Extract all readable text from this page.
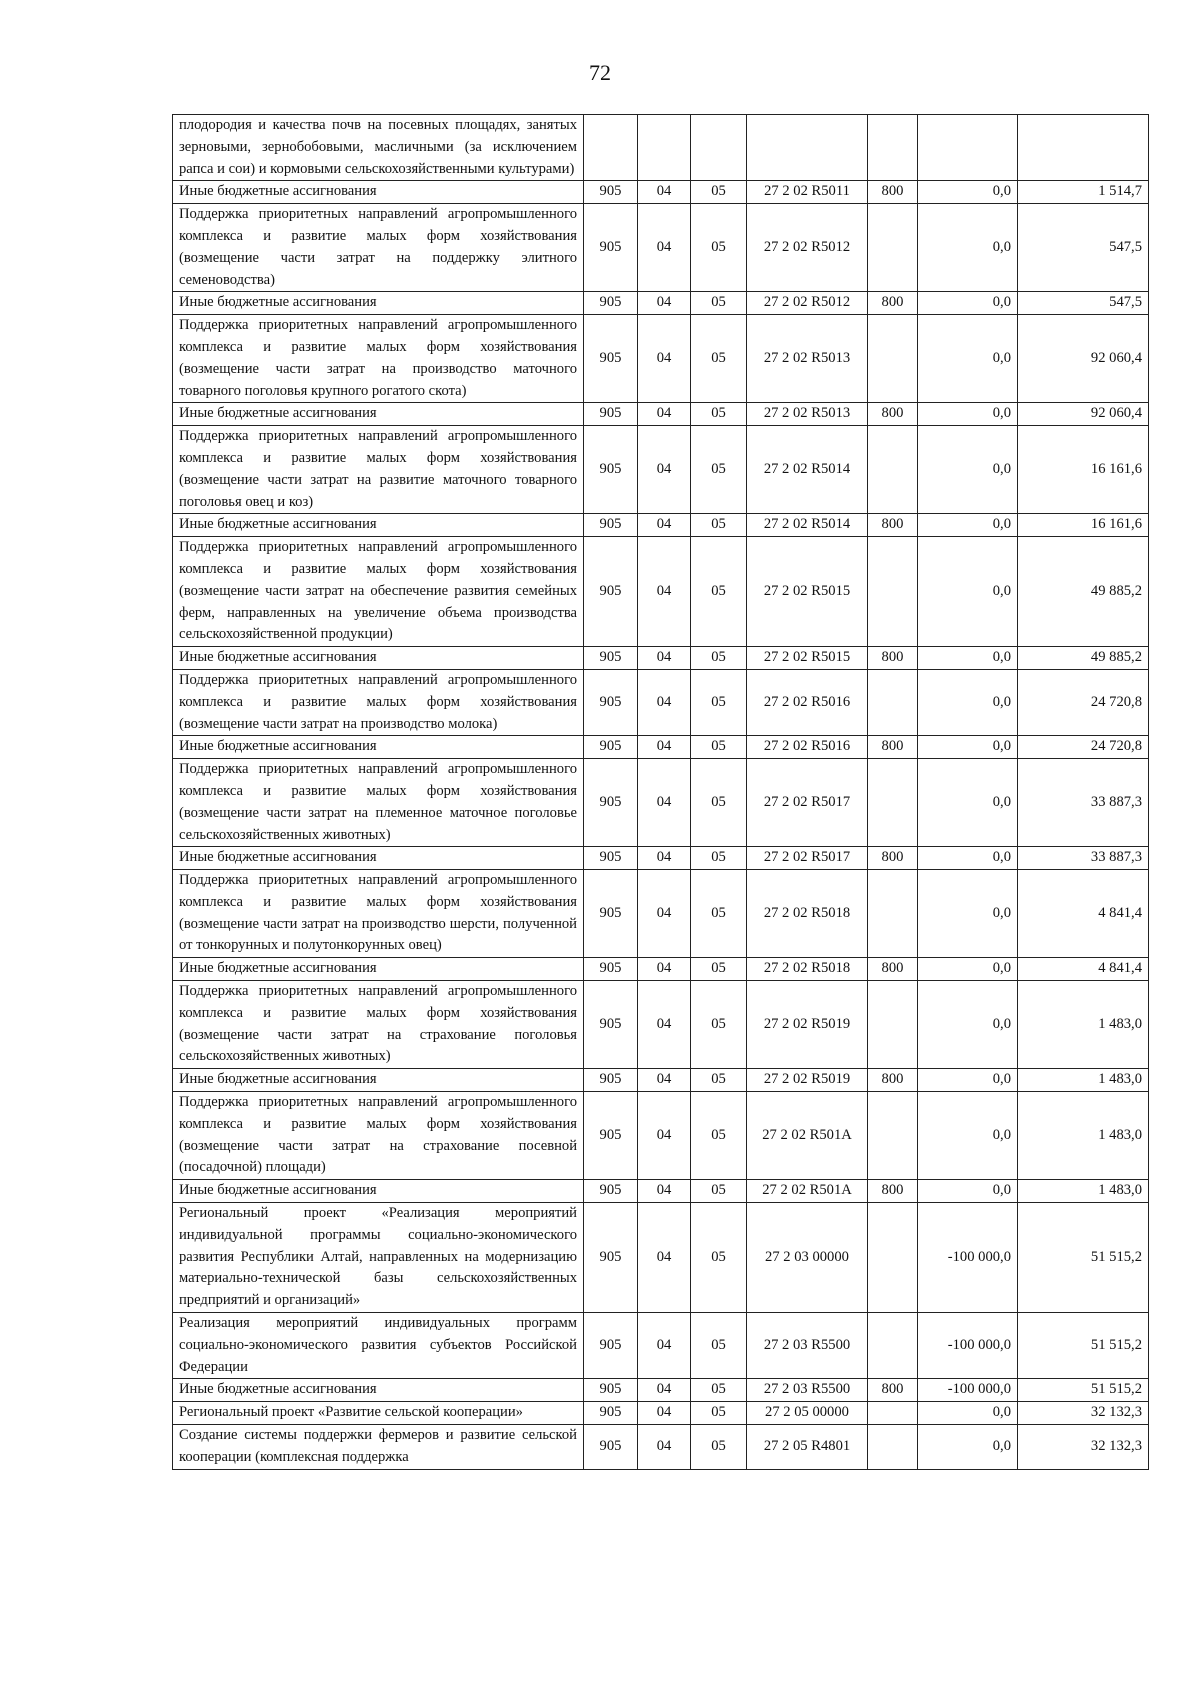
72
плодородия и качества почв на посевных площадях, занятых зерновыми, зернобобовыми, масличными (за исключением рапса и сои) и кормовыми сельскохозяйственными культурами)							
Иные бюджетные ассигнования	905	04	05	27 2 02 R5011	800	0,0	1 514,7
Поддержка приоритетных направлений агропромышленного комплекса и развитие малых форм хозяйствования (возмещение части затрат на поддержку элитного семеноводства)	905	04	05	27 2 02 R5012		0,0	547,5
Иные бюджетные ассигнования	905	04	05	27 2 02 R5012	800	0,0	547,5
Поддержка приоритетных направлений агропромышленного комплекса и развитие малых форм хозяйствования (возмещение части затрат на производство маточного товарного поголовья крупного рогатого скота)	905	04	05	27 2 02 R5013		0,0	92 060,4
Иные бюджетные ассигнования	905	04	05	27 2 02 R5013	800	0,0	92 060,4
Поддержка приоритетных направлений агропромышленного комплекса и развитие малых форм хозяйствования (возмещение части затрат на развитие маточного товарного поголовья овец и коз)	905	04	05	27 2 02 R5014		0,0	16 161,6
Иные бюджетные ассигнования	905	04	05	27 2 02 R5014	800	0,0	16 161,6
Поддержка приоритетных направлений агропромышленного комплекса и развитие малых форм хозяйствования (возмещение части затрат на обеспечение развития семейных ферм, направленных на увеличение объема производства сельскохозяйственной продукции)	905	04	05	27 2 02 R5015		0,0	49 885,2
Иные бюджетные ассигнования	905	04	05	27 2 02 R5015	800	0,0	49 885,2
Поддержка приоритетных направлений агропромышленного комплекса и развитие малых форм хозяйствования (возмещение части затрат на производство молока)	905	04	05	27 2 02 R5016		0,0	24 720,8
Иные бюджетные ассигнования	905	04	05	27 2 02 R5016	800	0,0	24 720,8
Поддержка приоритетных направлений агропромышленного комплекса и развитие малых форм хозяйствования (возмещение части затрат на племенное маточное поголовье сельскохозяйственных животных)	905	04	05	27 2 02 R5017		0,0	33 887,3
Иные бюджетные ассигнования	905	04	05	27 2 02 R5017	800	0,0	33 887,3
Поддержка приоритетных направлений агропромышленного комплекса и развитие малых форм хозяйствования (возмещение части затрат на производство шерсти, полученной от тонкорунных и полутонкорунных овец)	905	04	05	27 2 02 R5018		0,0	4 841,4
Иные бюджетные ассигнования	905	04	05	27 2 02 R5018	800	0,0	4 841,4
Поддержка приоритетных направлений агропромышленного комплекса и развитие малых форм хозяйствования (возмещение части затрат на страхование поголовья сельскохозяйственных животных)	905	04	05	27 2 02 R5019		0,0	1 483,0
Иные бюджетные ассигнования	905	04	05	27 2 02 R5019	800	0,0	1 483,0
Поддержка приоритетных направлений агропромышленного комплекса и развитие малых форм хозяйствования (возмещение части затрат на страхование посевной (посадочной) площади)	905	04	05	27 2 02 R501А		0,0	1 483,0
Иные бюджетные ассигнования	905	04	05	27 2 02 R501А	800	0,0	1 483,0
Региональный проект «Реализация мероприятий индивидуальной программы социально-экономического развития Республики Алтай, направленных на модернизацию материально-технической базы сельскохозяйственных предприятий и организаций»	905	04	05	27 2 03 00000		-100 000,0	51 515,2
Реализация мероприятий индивидуальных программ социально-экономического развития субъектов Российской Федерации	905	04	05	27 2 03 R5500		-100 000,0	51 515,2
Иные бюджетные ассигнования	905	04	05	27 2 03 R5500	800	-100 000,0	51 515,2
Региональный проект «Развитие сельской кооперации»	905	04	05	27 2 05 00000		0,0	32 132,3
Создание системы поддержки фермеров и развитие сельской кооперации (комплексная поддержка	905	04	05	27 2 05 R4801		0,0	32 132,3
